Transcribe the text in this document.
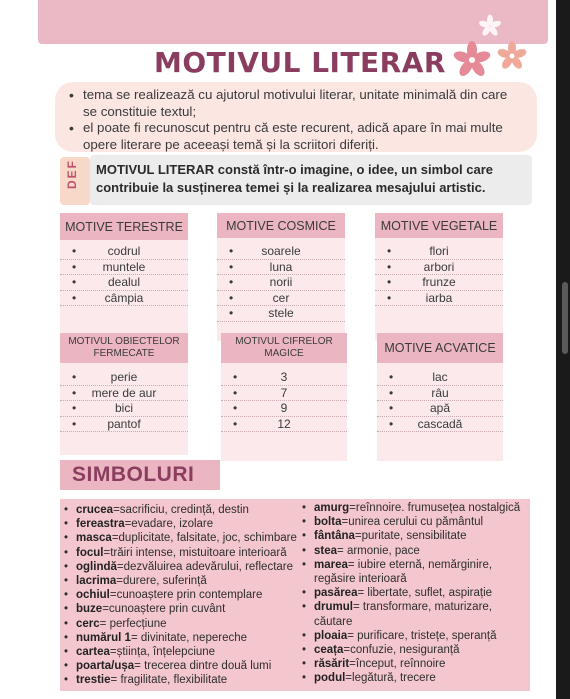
MOTIVUL LITERAR
• tema se realizează cu ajutorul motivului literar, unitate minimală din care se constituie textul;
• el poate fi recunoscut pentru că este recurent, adică apare în mai multe opere literare pe aceeași temă și la scriitori diferiți.
DEF	MOTIVUL LITERAR constă într-o imagine, o idee, un simbol care contribuie la susținerea temei și la realizarea mesajului artistic.
MOTIVE TERESTRE
• codrul
• muntele
• dealul
• câmpia
MOTIVE COSMICE
• soarele
• luna
• norii
• cer
• stele
MOTIVE VEGETALE
• flori
• arbori
• frunze
• iarba
MOTIVUL OBIECTELOR FERMECATE
• perie
• mere de aur
• bici
• pantof
MOTIVUL CIFRELOR MAGICE
• 3
• 7
• 9
• 12
MOTIVE ACVATICE
• lac
• râu
• apă
• cascadă
SIMBOLURI
• crucea=sacrificiu, credință, destin
• fereastra=evadare, izolare
• masca=duplicitate, falsitate, joc, schimbare
• focul=trăiri intense, mistuitoare interioară
• oglindă=dezvăluirea adevărului, reflectare
• lacrima=durere, suferință
• ochiul=cunoaștere prin contemplare
• buze=cunoaștere prin cuvânt
• cerc= perfecțiune
• numărul 1= divinitate, nepereche
• cartea=știința, înțelepciune
• poarta/ușa= trecerea dintre două lumi
• trestie= fragilitate, flexibilitate
• amurg=reînnoire. frumusețea nostalgică
• bolta=unirea cerului cu pământul
• fântâna=puritate, sensibilitate
• stea= armonie, pace
• marea= iubire eternă, nemărginire, regăsire interioară
• pasărea= libertate, suflet, aspirație
• drumul= transformare, maturizare, căutare
• ploaia= purificare, tristețe, speranță
• ceața=confuzie, nesiguranță
• răsărit=început, reînnoire
• podul=legătură, trecere
